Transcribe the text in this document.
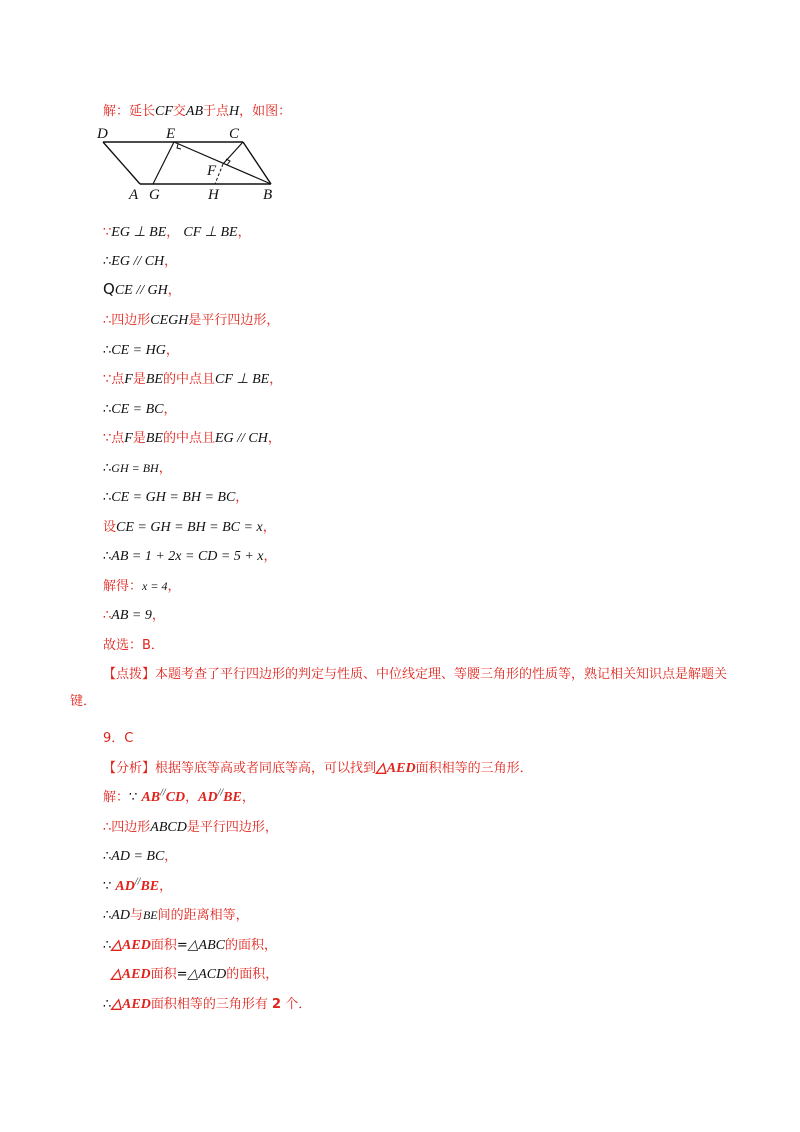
解：延长CF交AB于点H，如图：
D	E	C
F
A G	H	B
∵EG ⊥ BE， CF ⊥ BE，
∴EG // CH，
QCE // GH，
∴四边形CEGH是平行四边形，
∴CE = HG，
∵点F是BE的中点且CF ⊥ BE，
∴CE = BC，
∵点F是BE的中点且EG // CH，
∴GH = BH，
∴CE = GH = BH = BC，
设CE = GH = BH = BC = x，
∴AB = 1 + 2x = CD = 5 + x，
解得：x = 4，
∴AB = 9，
故选：B．
【点拨】本题考查了平行四边形的判定与性质、中位线定理、等腰三角形的性质等，熟记相关知识点是解题关键．
9．C
【分析】根据等底等高或者同底等高，可以找到△AED面积相等的三角形．
解：∵ AB//CD，AD//BE，
∴四边形ABCD是平行四边形，
∴AD = BC，
∵ AD//BE，
∴AD与BE间的距离相等，
∴△AED面积=△ABC的面积，
△AED面积=△ACD的面积，
∴△AED面积相等的三角形有 2 个．
